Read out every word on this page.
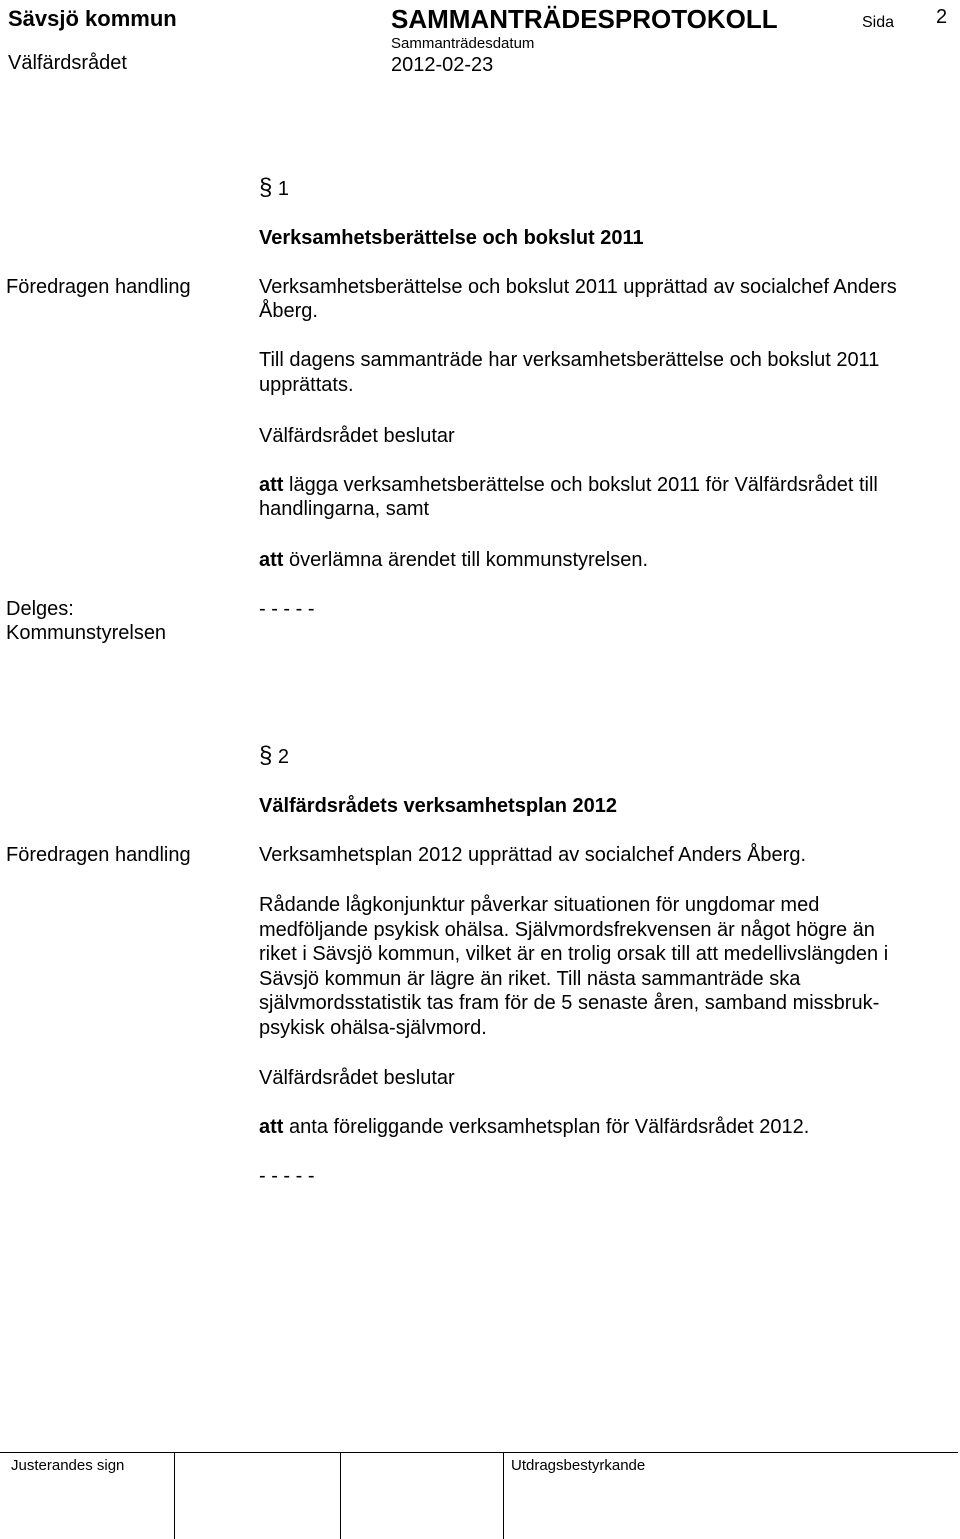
Sävsjö kommun	SAMMANTRÄDESPROTOKOLL	Sida 2
Välfärdsrådet
Sammanträdesdatum
2012-02-23
§ 1
Verksamhetsberättelse och bokslut 2011
Föredragen handling	Verksamhetsberättelse och bokslut 2011 upprättad av socialchef Anders
Åberg.
Till dagens sammanträde har verksamhetsberättelse och bokslut 2011
upprättats.
Välfärdsrådet beslutar
att lägga verksamhetsberättelse och bokslut 2011 för Välfärdsrådet till
handlingarna, samt
att överlämna ärendet till kommunstyrelsen.
Delges:	- - - - -
Kommunstyrelsen
§ 2
Välfärdsrådets verksamhetsplan 2012
Föredragen handling	Verksamhetsplan 2012 upprättad av socialchef Anders Åberg.
Rådande lågkonjunktur påverkar situationen för ungdomar med
medföljande psykisk ohälsa. Självmordsfrekvensen är något högre än
riket i Sävsjö kommun, vilket är en trolig orsak till att medellivslängden i
Sävsjö kommun är lägre än riket. Till nästa sammanträde ska
självmordsstatistik tas fram för de 5 senaste åren, samband missbruk-
psykisk ohälsa-självmord.
Välfärdsrådet beslutar
att anta föreliggande verksamhetsplan för Välfärdsrådet 2012.
- - - - -
Justerandes sign	Utdragsbestyrkande
